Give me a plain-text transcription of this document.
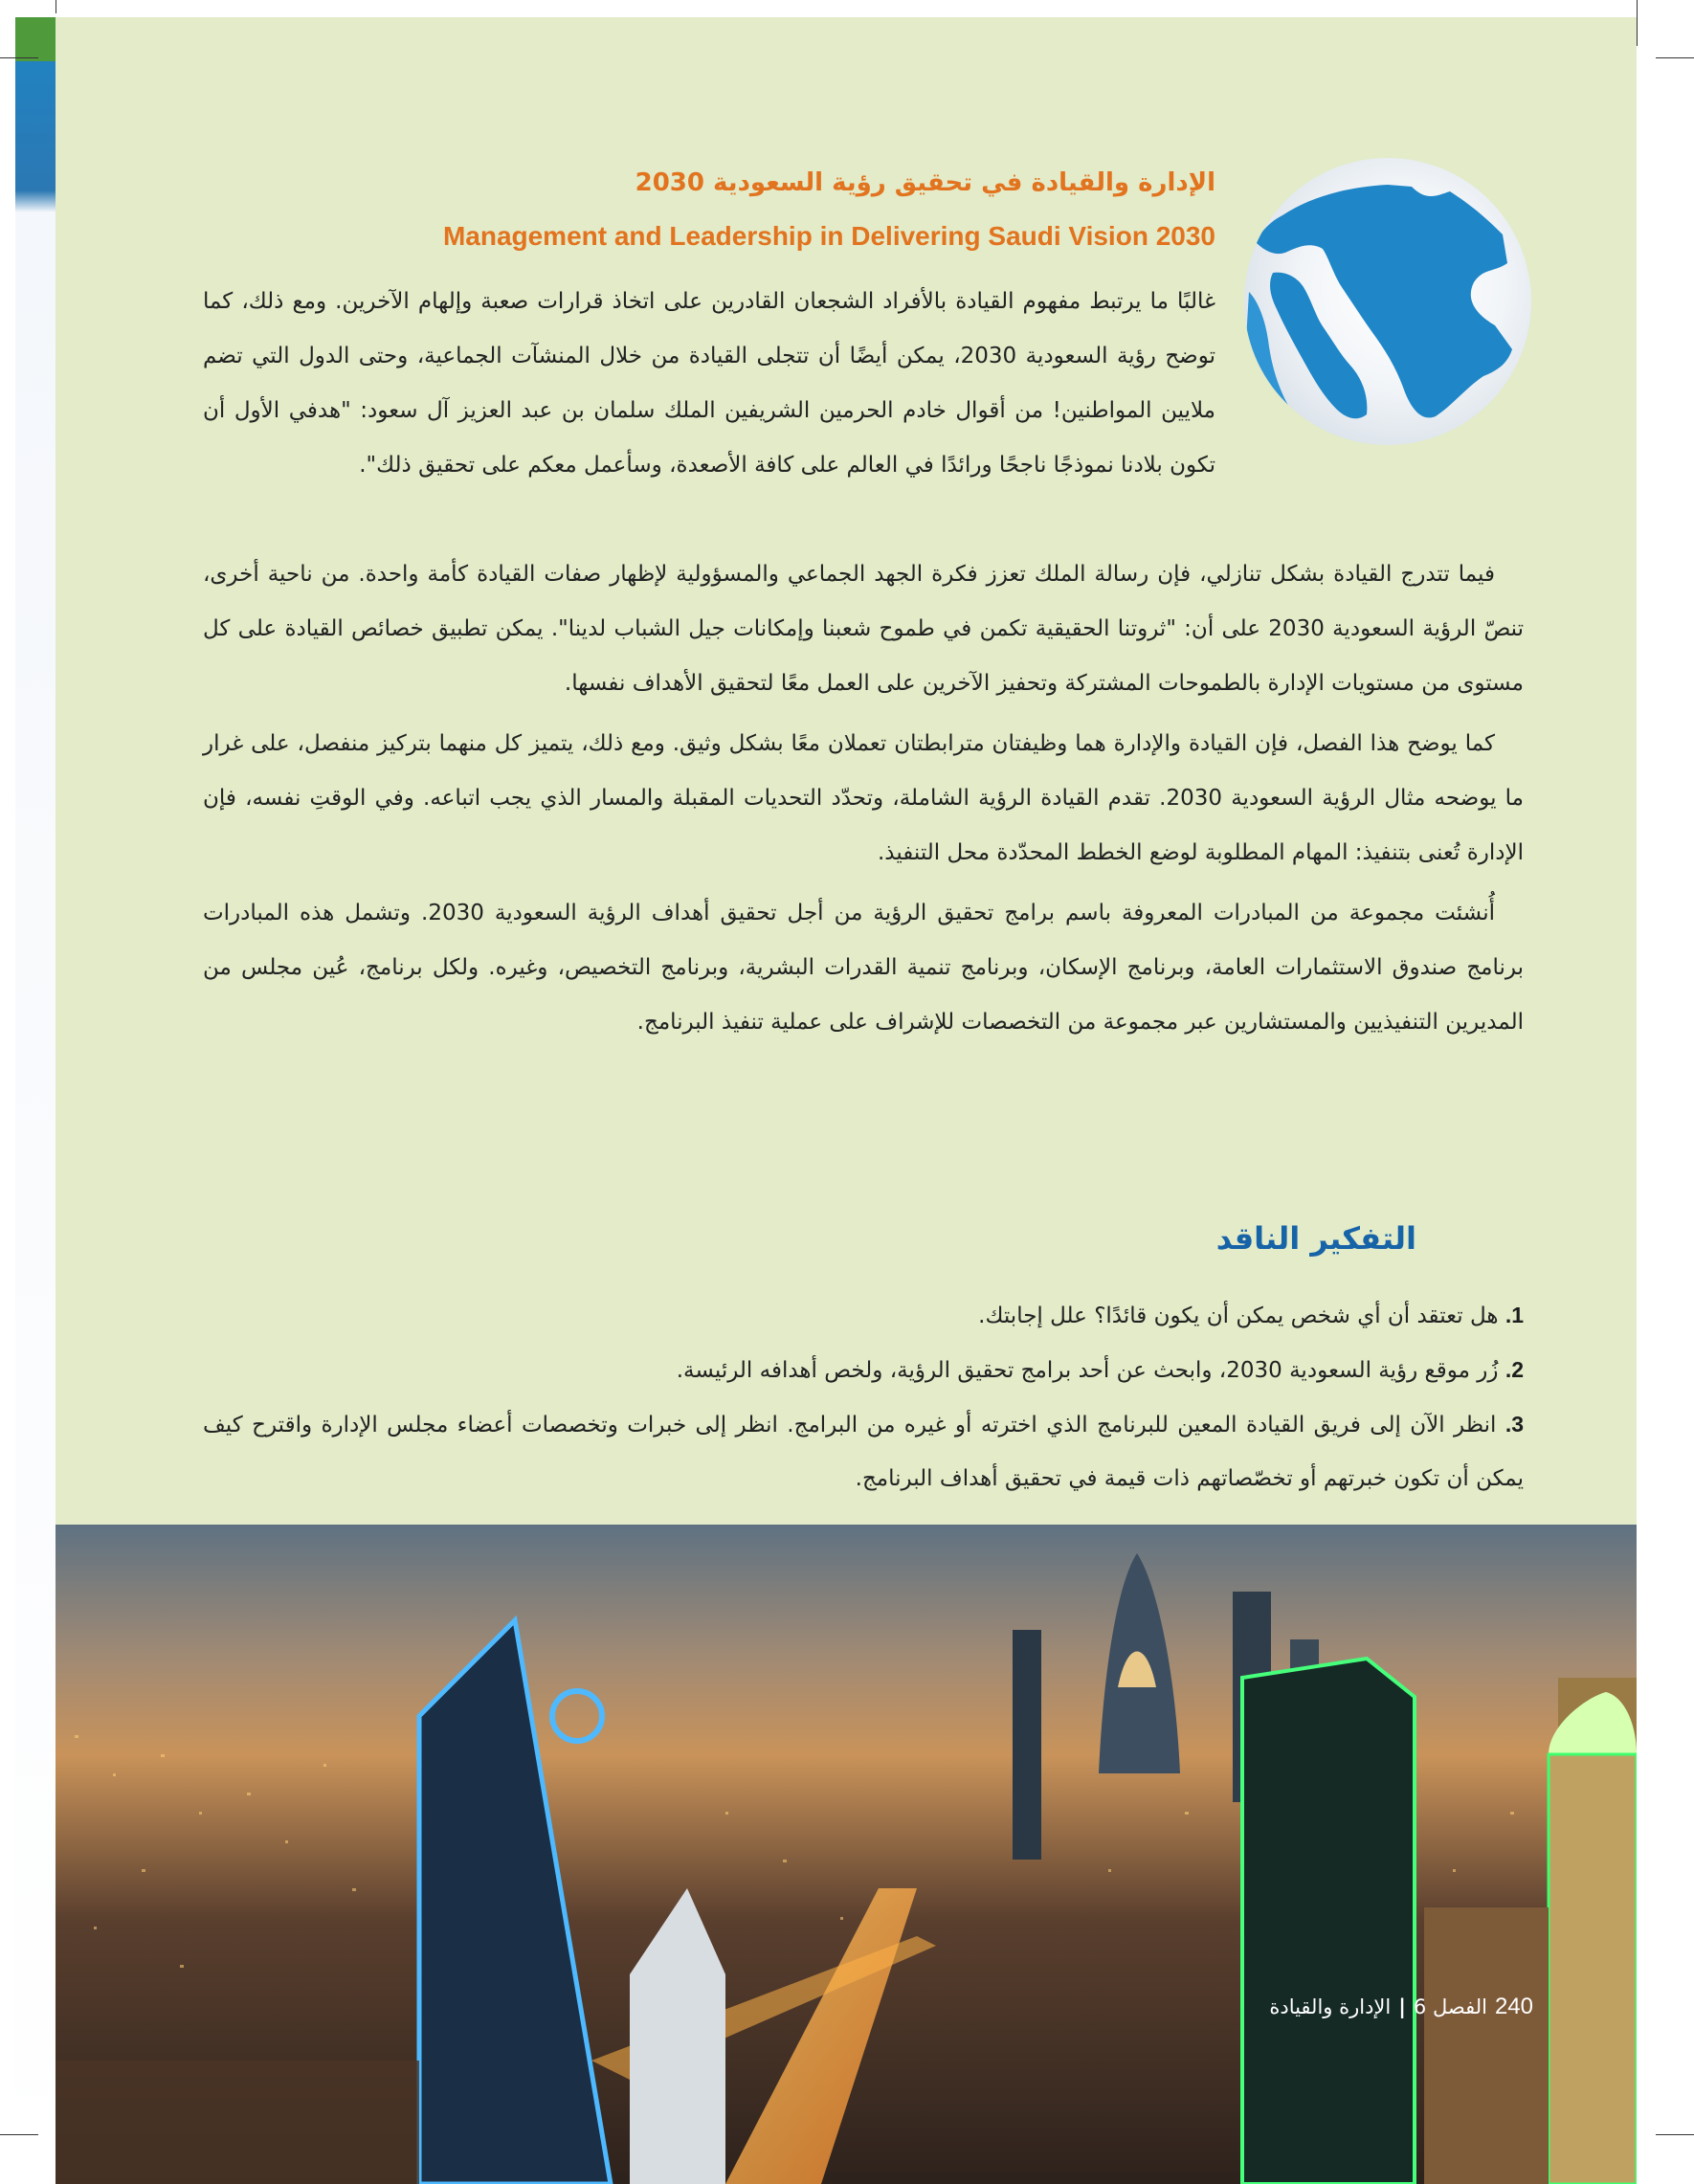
الإدارة والقيادة في تحقيق رؤية السعودية 2030
Management and Leadership in Delivering Saudi Vision 2030

غالبًا ما يرتبط مفهوم القيادة بالأفراد الشجعان القادرين على اتخاذ قرارات صعبة وإلهام الآخرين. ومع ذلك، كما توضح رؤية السعودية 2030، يمكن أيضًا أن تتجلى القيادة من خلال المنشآت الجماعية، وحتى الدول التي تضم ملايين المواطنين! من أقوال خادم الحرمين الشريفين الملك سلمان بن عبد العزيز آل سعود: "هدفي الأول أن تكون بلادنا نموذجًا ناجحًا ورائدًا في العالم على كافة الأصعدة، وسأعمل معكم على تحقيق ذلك".

فيما تتدرج القيادة بشكل تنازلي، فإن رسالة الملك تعزز فكرة الجهد الجماعي والمسؤولية لإظهار صفات القيادة كأمة واحدة. من ناحية أخرى، تنصّ الرؤية السعودية 2030 على أن: "ثروتنا الحقيقية تكمن في طموح شعبنا وإمكانات جيل الشباب لدينا". يمكن تطبيق خصائص القيادة على كل مستوى من مستويات الإدارة بالطموحات المشتركة وتحفيز الآخرين على العمل معًا لتحقيق الأهداف نفسها.

كما يوضح هذا الفصل، فإن القيادة والإدارة هما وظيفتان مترابطتان تعملان معًا بشكل وثيق. ومع ذلك، يتميز كل منهما بتركيز منفصل، على غرار ما يوضحه مثال الرؤية السعودية 2030. تقدم القيادة الرؤية الشاملة، وتحدّد التحديات المقبلة والمسار الذي يجب اتباعه. وفي الوقتِ نفسه، فإن الإدارة تُعنى بتنفيذ: المهام المطلوبة لوضع الخطط المحدّدة محل التنفيذ.

أُنشئت مجموعة من المبادرات المعروفة باسم برامج تحقيق الرؤية من أجل تحقيق أهداف الرؤية السعودية 2030. وتشمل هذه المبادرات برنامج صندوق الاستثمارات العامة، وبرنامج الإسكان، وبرنامج تنمية القدرات البشرية، وبرنامج التخصيص، وغيره. ولكل برنامج، عُين مجلس من المديرين التنفيذيين والمستشارين عبر مجموعة من التخصصات للإشراف على عملية تنفيذ البرنامج.

التفكير الناقد
1. هل تعتقد أن أي شخص يمكن أن يكون قائدًا؟ علل إجابتك.
2. زُر موقع رؤية السعودية 2030، وابحث عن أحد برامج تحقيق الرؤية، ولخص أهدافه الرئيسة.
3. انظر الآن إلى فريق القيادة المعين للبرنامج الذي اخترته أو غيره من البرامج. انظر إلى خبرات وتخصصات أعضاء مجلس الإدارة واقترح كيف يمكن أن تكون خبرتهم أو تخصّصاتهم ذات قيمة في تحقيق أهداف البرنامج.
240
الفصل 6
|
الإدارة والقيادة
